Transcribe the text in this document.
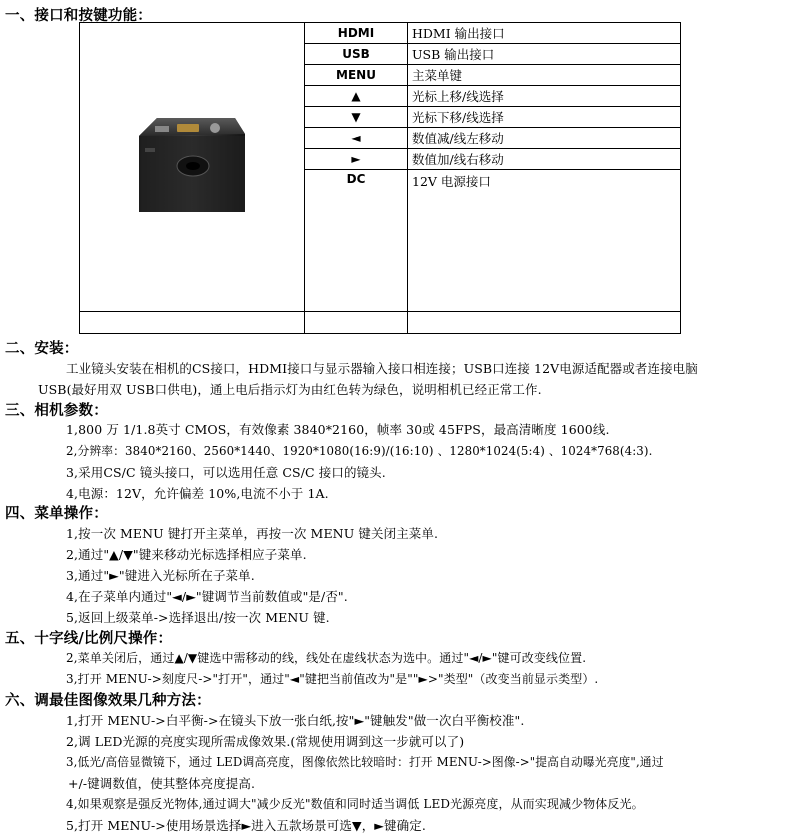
一、接口和按键功能：
	HDMI	HDMI 输出接口
	USB	USB 输出接口
	MENU	主菜单键
	▲	光标上移/线选择
	▼	光标下移/线选择
	◄	数值减/线左移动
	►	数值加/线右移动
	DC	12V 电源接口

二、安装：
工业镜头安装在相机的CS接口，HDMI接口与显示器输入接口相连接；USB口连接 12V电源适配器或者连接电脑
USB(最好用双 USB口供电)，通上电后指示灯为由红色转为绿色，说明相机已经正常工作.
三、相机参数：
1,800 万 1/1.8英寸 CMOS，有效像素 3840*2160，帧率 30或 45FPS，最高清晰度 1600线.
2,分辨率：3840*2160、2560*1440、1920*1080(16:9)/(16:10) 、1280*1024(5:4) 、1024*768(4:3).
3,采用CS/C 镜头接口，可以选用任意 CS/C 接口的镜头.
4,电源：12V，允许偏差 10%,电流不小于 1A.
四、菜单操作：
1,按一次 MENU 键打开主菜单，再按一次 MENU 键关闭主菜单.
2,通过"▲/▼"键来移动光标选择相应子菜单.
3,通过"►"键进入光标所在子菜单.
4,在子菜单内通过"◄/►"键调节当前数值或"是/否".
5,返回上级菜单->选择退出/按一次 MENU 键.
五、十字线/比例尺操作：
2,菜单关闭后，通过▲/▼键选中需移动的线，线处在虚线状态为选中。通过"◄/►"键可改变线位置.
3,打开 MENU->刻度尺->"打开"，通过"◄"键把当前值改为"是""►>"类型"（改变当前显示类型）.
六、调最佳图像效果几种方法：
1,打开 MENU->白平衡->在镜头下放一张白纸,按"►"键触发"做一次白平衡校准".
2,调 LED光源的亮度实现所需成像效果.(常规使用调到这一步就可以了)
3,低光/高倍显微镜下，通过 LED调高亮度，图像依然比较暗时：打开 MENU->图像->"提高自动曝光亮度",通过
+/-键调数值，使其整体亮度提高.
4,如果观察是强反光物体,通过调大"减少反光"数值和同时适当调低 LED光源亮度，从而实现减少物体反光。
5,打开 MENU->使用场景选择►进入五款场景可选▼，►键确定.
